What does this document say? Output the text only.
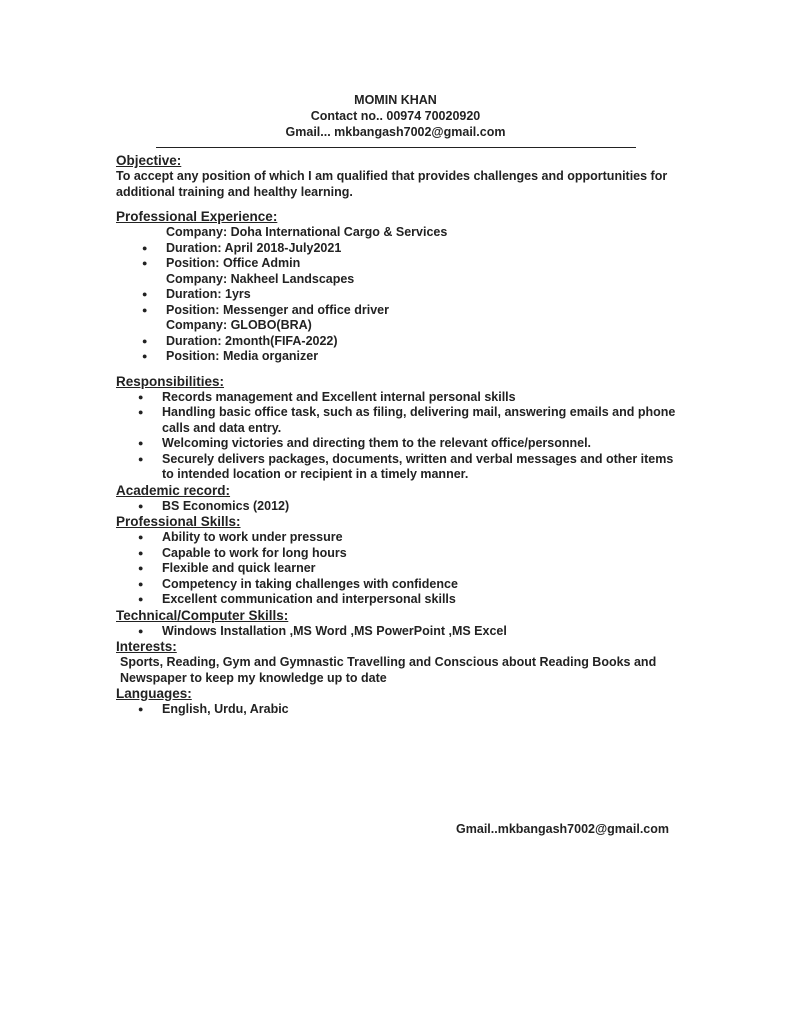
MOMIN KHAN
Contact no.. 00974 70020920
Gmail... mkbangash7002@gmail.com
Objective:

To accept any position of which I am qualified that provides challenges and opportunities for additional training and healthy learning.

Professional Experience:
Company: Doha International Cargo & Services
● Duration: April 2018-July2021
● Position: Office Admin
Company: Nakheel Landscapes
● Duration: 1yrs
● Position: Messenger and office driver
Company: GLOBO(BRA)
● Duration: 2month(FIFA-2022)
● Position: Media organizer
Responsibilities:
● Records management and Excellent internal personal skills
● Handling basic office task, such as filing, delivering mail, answering emails and phone calls and data entry.
● Welcoming victories and directing them to the relevant office/personnel.
● Securely delivers packages, documents, written and verbal messages and other items to intended location or recipient in a timely manner.
Academic record:
● BS Economics (2012)
Professional Skills:
● Ability to work under pressure
● Capable to work for long hours
● Flexible and quick learner
● Competency in taking challenges with confidence
● Excellent communication and interpersonal skills
Technical/Computer Skills:
● Windows Installation ,MS Word ,MS PowerPoint ,MS Excel
Interests:

Sports, Reading, Gym and Gymnastic Travelling and Conscious about Reading Books and Newspaper to keep my knowledge up to date

Languages:
● English, Urdu, Arabic
Gmail..mkbangash7002@gmail.com
